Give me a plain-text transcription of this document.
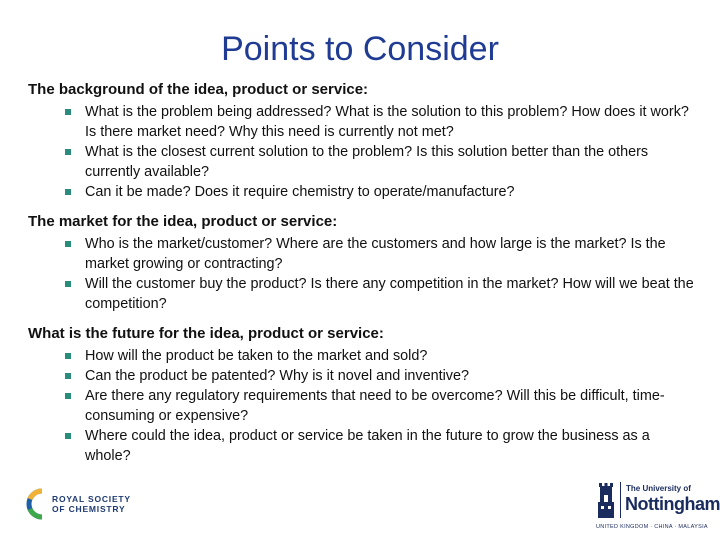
Points to Consider
The background of the idea, product or service:
What is the problem being addressed? What is the solution to this problem? How does it work? Is there market need? Why this need is currently not met?
What is the closest current solution to the problem? Is this solution better than the others currently available?
Can it be made? Does it require chemistry to operate/manufacture?
The market for the idea, product or service:
Who is the market/customer? Where are the customers and how large is the market? Is the market growing or contracting?
Will the customer buy the product? Is there any competition in the market? How will we beat the competition?
What is the future for the idea, product or service:
How will the product be taken to the market and sold?
Can the product be patented? Why is it novel and inventive?
Are there any regulatory requirements that need to be overcome? Will this be difficult, time-consuming or expensive?
Where could the idea, product or service be taken in the future to grow the business as a whole?
ROYAL SOCIETY
OF CHEMISTRY
The University of
Nottingham
UNITED KINGDOM · CHINA · MALAYSIA
